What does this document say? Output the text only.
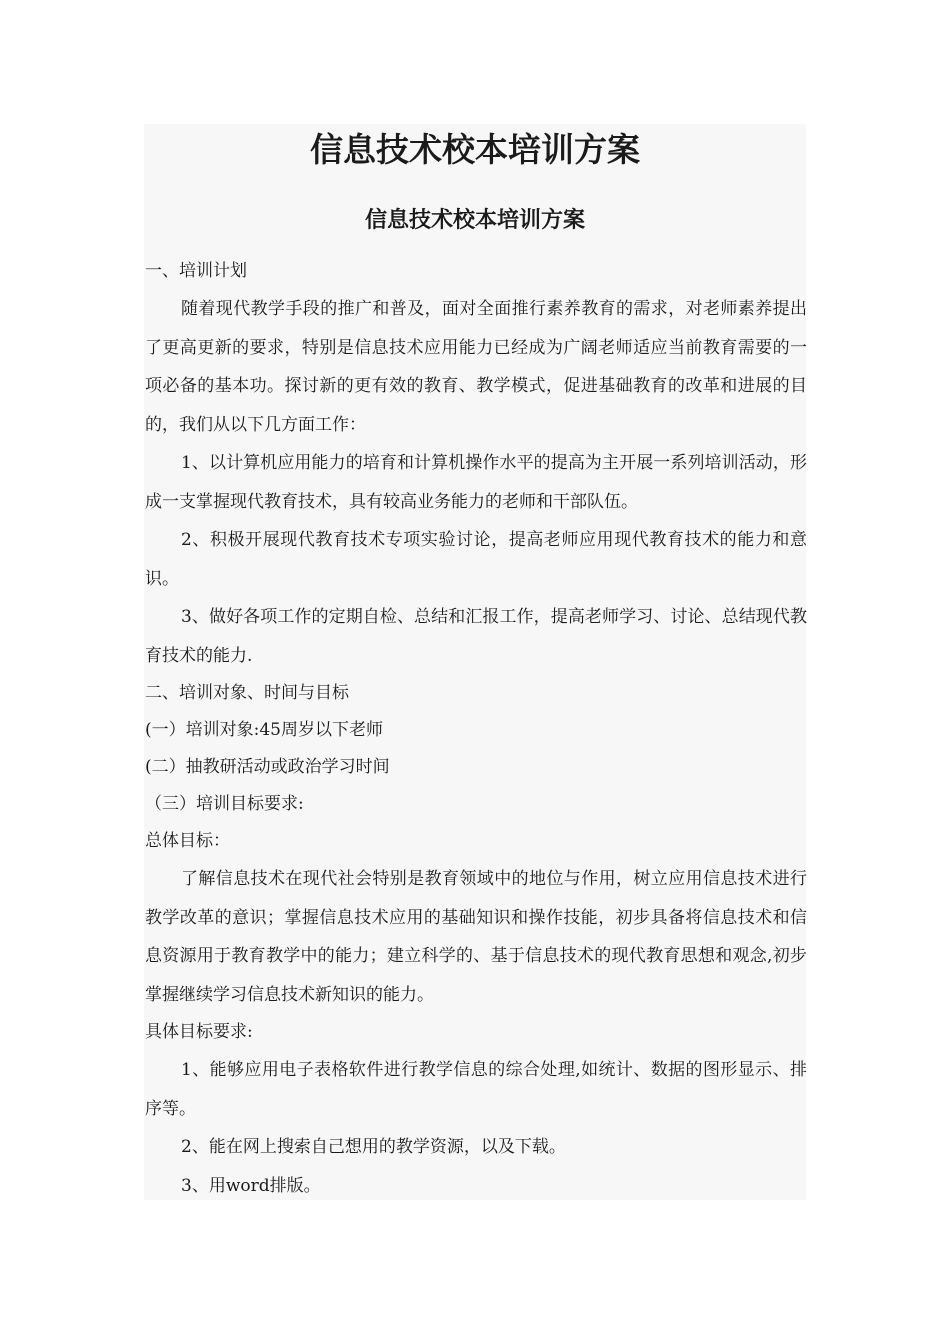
信息技术校本培训方案
信息技术校本培训方案

一、培训计划

随着现代教学手段的推广和普及，面对全面推行素养教育的需求，对老师素养提出了更高更新的要求，特别是信息技术应用能力已经成为广阔老师适应当前教育需要的一项必备的基本功。探讨新的更有效的教育、教学模式，促进基础教育的改革和进展的目的，我们从以下几方面工作：

1、以计算机应用能力的培育和计算机操作水平的提高为主开展一系列培训活动，形成一支掌握现代教育技术，具有较高业务能力的老师和干部队伍。

2、积极开展现代教育技术专项实验讨论，提高老师应用现代教育技术的能力和意识。

3、做好各项工作的定期自检、总结和汇报工作，提高老师学习、讨论、总结现代教育技术的能力.

二、培训对象、时间与目标

(一）培训对象:45周岁以下老师

(二）抽教研活动或政治学习时间

（三）培训目标要求:

总体目标：

了解信息技术在现代社会特别是教育领域中的地位与作用，树立应用信息技术进行教学改革的意识；掌握信息技术应用的基础知识和操作技能，初步具备将信息技术和信息资源用于教育教学中的能力；建立科学的、基于信息技术的现代教育思想和观念,初步掌握继续学习信息技术新知识的能力。

具体目标要求:

1、能够应用电子表格软件进行教学信息的综合处理,如统计、数据的图形显示、排序等。

2、能在网上搜索自己想用的教学资源，以及下载。

3、用word排版。
